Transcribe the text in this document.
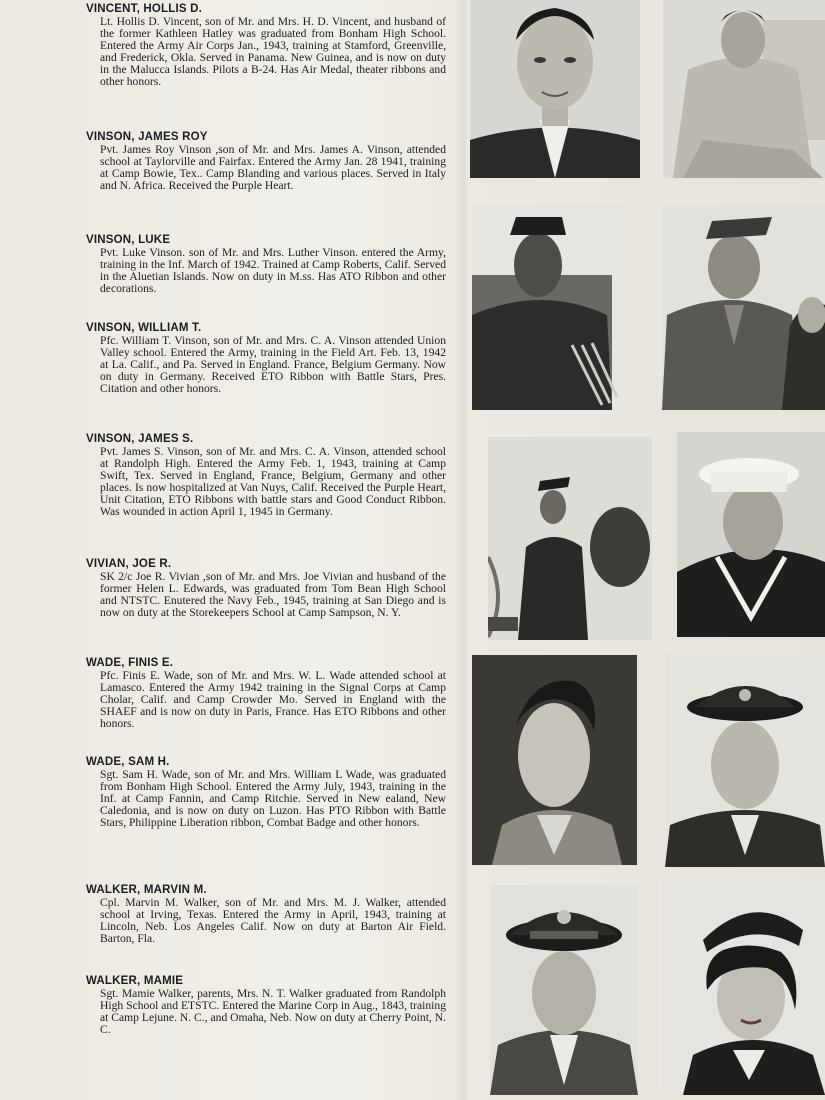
VINCENT, HOLLIS D.

Lt. Hollis D. Vincent, son of Mr. and Mrs. H. D. Vincent, and husband of the former Kathleen Hatley was graduated from Bonham High School. Entered the Army Air Corps Jan., 1943, training at Stamford, Greenville, and Frederick, Okla. Served in Panama. New Guinea, and is now on duty in the Malucca Islands. Pilots a B-24. Has Air Medal, theater ribbons and other honors.

VINSON, JAMES ROY

Pvt. James Roy Vinson ,son of Mr. and Mrs. James A. Vinson, attended school at Taylorville and Fairfax. Entered the Army Jan. 28 1941, training at Camp Bowie, Tex.. Camp Blanding and various places. Served in Italy and N. Africa. Received the Purple Heart.

VINSON, LUKE

Pvt. Luke Vinson. son of Mr. and Mrs. Luther Vinson. entered the Army, training in the Inf. March of 1942. Trained at Camp Roberts, Calif. Served in the Aluetian Islands. Now on duty in M.ss. Has ATO Ribbon and other decorations.

VINSON, WILLIAM T.

Pfc. William T. Vinson, son of Mr. and Mrs. C. A. Vinson attended Union Valley school. Entered the Army, training in the Field Art. Feb. 13, 1942 at La. Calif., and Pa. Served in England. France, Belgium Germany. Now on duty in Germany. Received ETO Ribbon with Battle Stars, Pres. Citation and other honors.

VINSON, JAMES S.

Pvt. James S. Vinson, son of Mr. and Mrs. C. A. Vinson, attended school at Randolph High. Entered the Army Feb. 1, 1943, training at Camp Swift, Tex. Served in England, France, Belgium, Germany and other places. Is now hospitalized at Van Nuys, Calif. Received the Purple Heart, Unit Citation, ETO Ribbons with battle stars and Good Conduct Ribbon. Was wounded in action April 1, 1945 in Germany.

VIVIAN, JOE R.

SK 2/c Joe R. Vivian ,son of Mr. and Mrs. Joe Vivian and husband of the former Helen L. Edwards, was graduated from Tom Bean High School and NTSTC. Enutered the Navy Feb., 1945, training at San Diego and is now on duty at the Storekeepers School at Camp Sampson, N. Y.

WADE, FINIS E.

Pfc. Finis E. Wade, son of Mr. and Mrs. W. L. Wade attended school at Lamasco. Entered the Army 1942 training in the Signal Corps at Camp Cholar, Calif. and Camp Crowder Mo. Served in England with the SHAEF and is now on duty in Paris, France. Has ETO Ribbons and other honors.

WADE, SAM H.

Sgt. Sam H. Wade, son of Mr. and Mrs. William L Wade, was graduated from Bonham High School. Entered the Army July, 1943, training in the Inf. at Camp Fannin, and Camp Ritchie. Served in New ealand, New Caledonia, and is now on duty on Luzon. Has PTO Ribbon with Battle Stars, Philippine Liberation ribbon, Combat Badge and other honors.

WALKER, MARVIN M.

Cpl. Marvin M. Walker, son of Mr. and Mrs. M. J. Walker, attended school at Irving, Texas. Entered the Army in April, 1943, training at Lincoln, Neb. Los Angeles Calif. Now on duty at Barton Air Field. Barton, Fla.

WALKER, MAMIE

Sgt. Mamie Walker, parents, Mrs. N. T. Walker graduated from Randolph High School and ETSTC. Entered the Marine Corp in Aug., 1843, training at Camp Lejune. N. C., and Omaha, Neb. Now on duty at Cherry Point, N. C.
